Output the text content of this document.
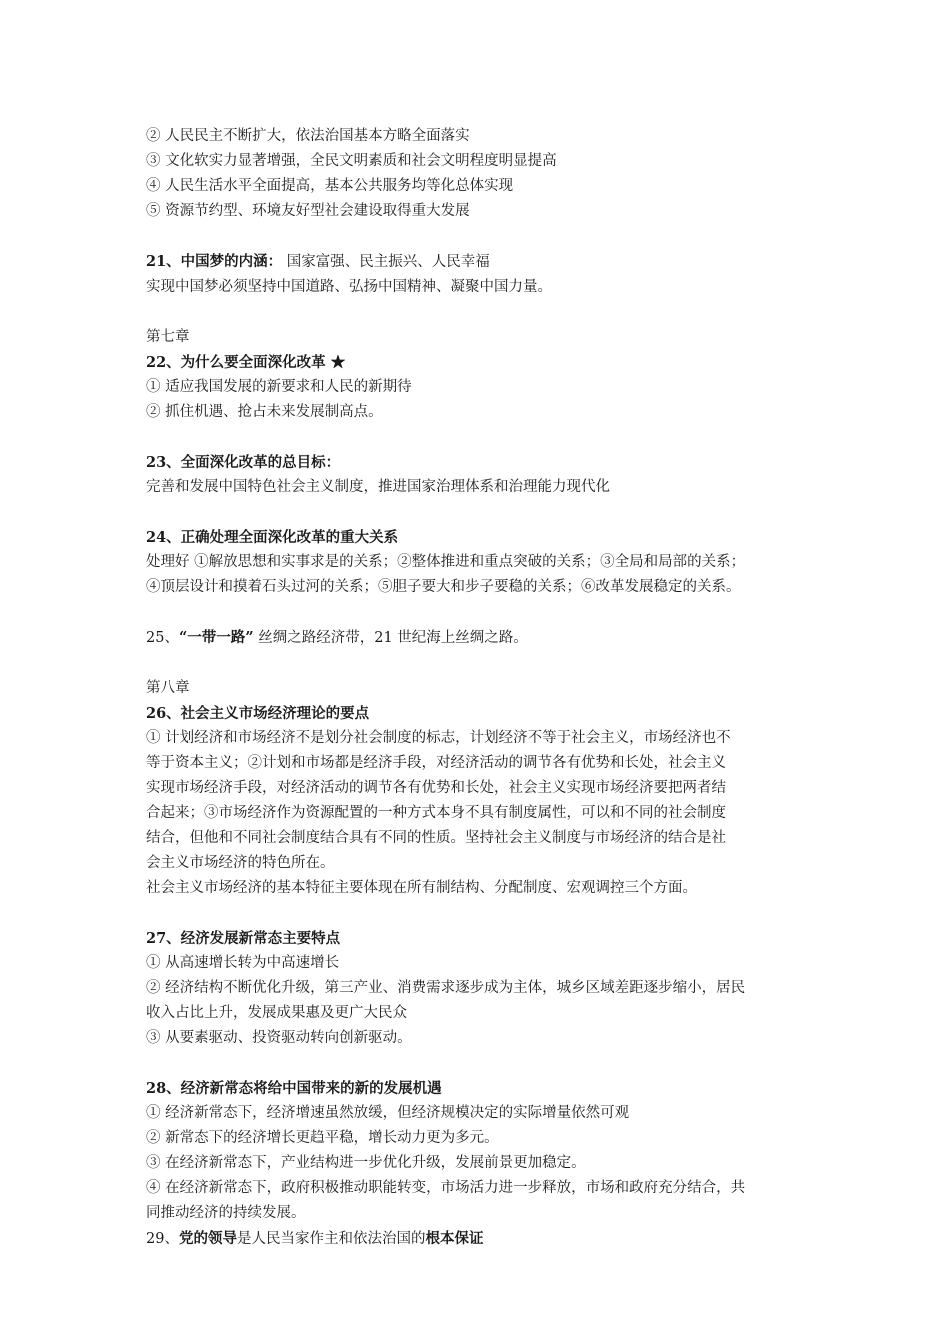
② 人民民主不断扩大，依法治国基本方略全面落实
③ 文化软实力显著增强，全民文明素质和社会文明程度明显提高
④ 人民生活水平全面提高，基本公共服务均等化总体实现
⑤ 资源节约型、环境友好型社会建设取得重大发展
21、中国梦的内涵： 国家富强、民主振兴、人民幸福
实现中国梦必须坚持中国道路、弘扬中国精神、凝聚中国力量。
第七章
22、为什么要全面深化改革 ★
① 适应我国发展的新要求和人民的新期待
② 抓住机遇、抢占未来发展制高点。
23、全面深化改革的总目标：
完善和发展中国特色社会主义制度，推进国家治理体系和治理能力现代化
24、正确处理全面深化改革的重大关系
处理好 ①解放思想和实事求是的关系；②整体推进和重点突破的关系；③全局和局部的关系；
④顶层设计和摸着石头过河的关系；⑤胆子要大和步子要稳的关系；⑥改革发展稳定的关系。
25、“一带一路” 丝绸之路经济带，21 世纪海上丝绸之路。
第八章
26、社会主义市场经济理论的要点
① 计划经济和市场经济不是划分社会制度的标志，计划经济不等于社会主义，市场经济也不
等于资本主义；②计划和市场都是经济手段，对经济活动的调节各有优势和长处，社会主义
实现市场经济手段，对经济活动的调节各有优势和长处，社会主义实现市场经济要把两者结
合起来；③市场经济作为资源配置的一种方式本身不具有制度属性，可以和不同的社会制度
结合，但他和不同社会制度结合具有不同的性质。坚持社会主义制度与市场经济的结合是社
会主义市场经济的特色所在。
社会主义市场经济的基本特征主要体现在所有制结构、分配制度、宏观调控三个方面。
27、经济发展新常态主要特点
① 从高速增长转为中高速增长
② 经济结构不断优化升级，第三产业、消费需求逐步成为主体，城乡区域差距逐步缩小，居民
收入占比上升，发展成果惠及更广大民众
③ 从要素驱动、投资驱动转向创新驱动。
28、经济新常态将给中国带来的新的发展机遇
① 经济新常态下，经济增速虽然放缓，但经济规模决定的实际增量依然可观
② 新常态下的经济增长更趋平稳，增长动力更为多元。
③ 在经济新常态下，产业结构进一步优化升级，发展前景更加稳定。
④ 在经济新常态下，政府积极推动职能转变，市场活力进一步释放，市场和政府充分结合，共
同推动经济的持续发展。
29、党的领导是人民当家作主和依法治国的根本保证
